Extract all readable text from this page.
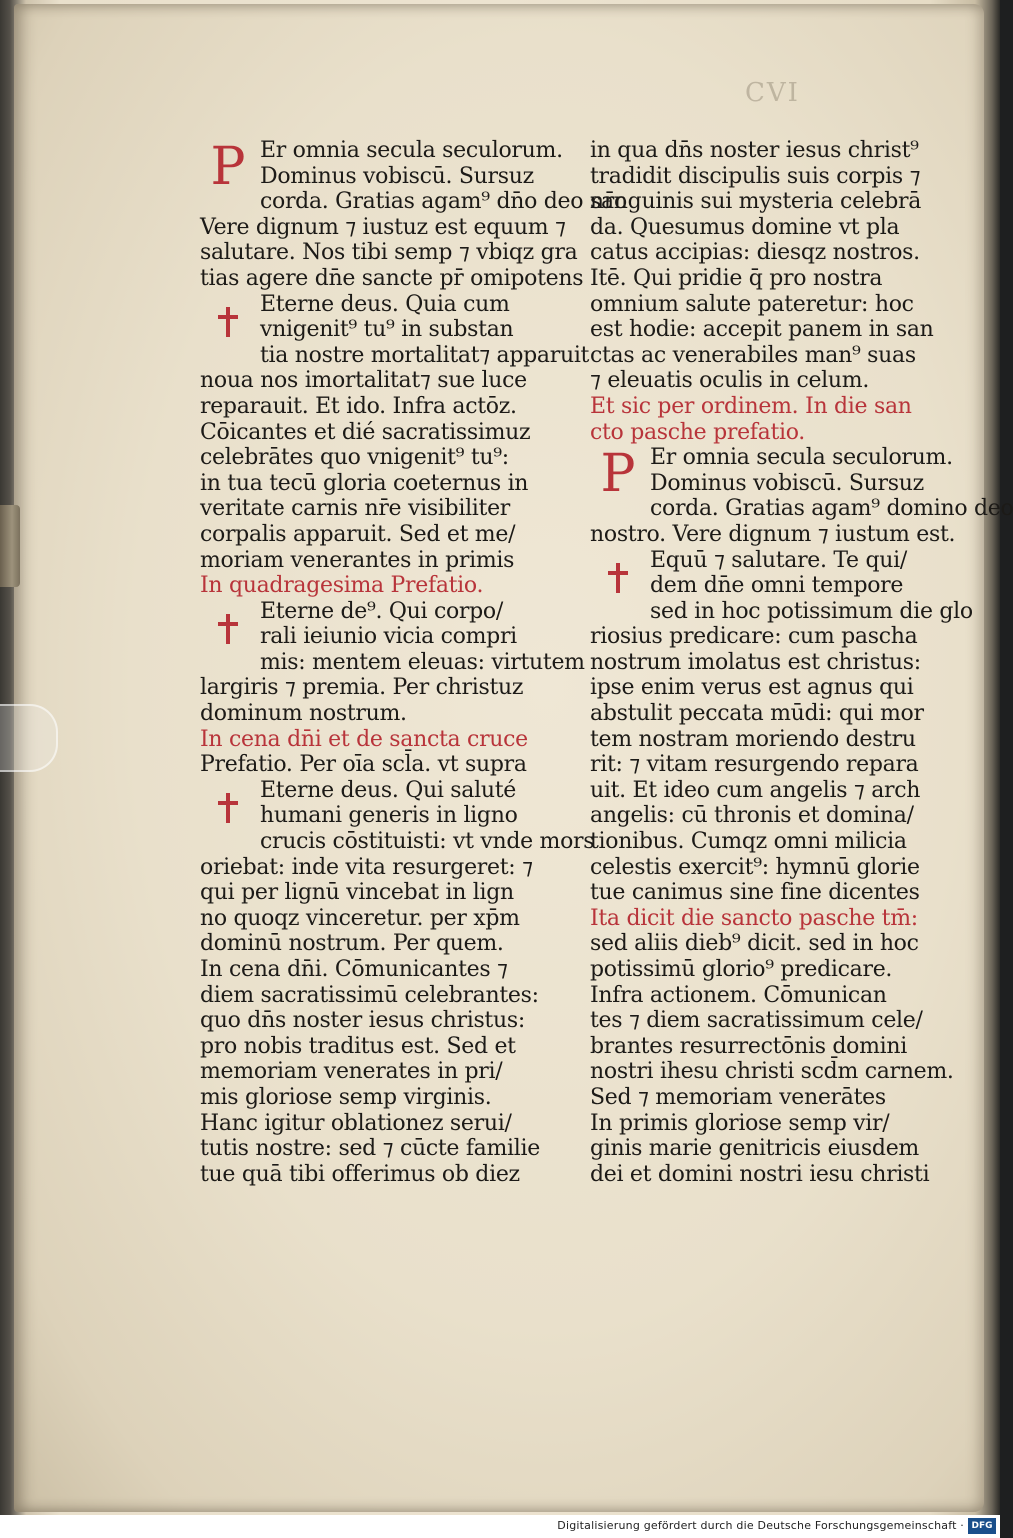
CVI
P Er omnia secula seculorum.
Dominus vobiscū. Sursuz
corda. Gratias agam⁹ dn̄o deo nr̄o
Vere dignum ⁊ iustuz est equum ⁊
salutare. Nos tibi semp ⁊ vbiqz gra
tias agere dn̄e sancte pr̄ omipotens
Eterne deus. Quia cum
vnigenit⁹ tu⁹ in substan
tia nostre mortalitat⁊ apparuit
noua nos imortalitat⁊ sue luce
reparauit. Et ido. Infra actōz.
Cōicantes et dié sacratissimuz
celebrātes quo vnigenit⁹ tu⁹:
in tua tecū gloria coeternus in
veritate carnis nr̄e visibiliter
corpalis apparuit. Sed et me/
moriam venerantes in primis
In quadragesima Prefatio.
Eterne de⁹. Qui corpo/
rali ieiunio vicia compri
mis: mentem eleuas: virtutem
largiris ⁊ premia. Per christuz
dominum nostrum.
In cena dn̄i et de sancta cruce
Prefatio. Per oīa scl̄a. vt supra
Eterne deus. Qui saluté
humani generis in ligno
crucis cōstituisti: vt vnde mors
oriebat: inde vita resurgeret: ⁊
qui per lignū vincebat in lign
no quoqz vinceretur. per xp̄m
dominū nostrum. Per quem.
In cena dn̄i. Cōmunicantes ⁊
diem sacratissimū celebrantes:
quo dn̄s noster iesus christus:
pro nobis traditus est. Sed et
memoriam venerates in pri/
mis gloriose semp virginis.
Hanc igitur oblationez serui/
tutis nostre: sed ⁊ cūcte familie
tue quā tibi offerimus ob diez
in qua dn̄s noster iesus christ⁹
tradidit discipulis suis corpis ⁊
sanguinis sui mysteria celebrā
da. Quesumus domine vt pla
catus accipias: diesqz nostros.
Itē. Qui pridie q̄ pro nostra
omnium salute pateretur: hoc
est hodie: accepit panem in san
ctas ac venerabiles man⁹ suas
⁊ eleuatis oculis in celum.
Et sic per ordinem. In die san
cto pasche prefatio.
P Er omnia secula seculorum.
Dominus vobiscū. Sursuz
corda. Gratias agam⁹ domino deo
nostro. Vere dignum ⁊ iustum est.
Equū ⁊ salutare. Te qui/
dem dn̄e omni tempore
sed in hoc potissimum die glo
riosius predicare: cum pascha
nostrum imolatus est christus:
ipse enim verus est agnus qui
abstulit peccata mūdi: qui mor
tem nostram moriendo destru
rit: ⁊ vitam resurgendo repara
uit. Et ideo cum angelis ⁊ arch
angelis: cū thronis et domina/
tionibus. Cumqz omni milicia
celestis exercit⁹: hymnū glorie
tue canimus sine fine dicentes
Ita dicit die sancto pasche tm̄:
sed aliis dieb⁹ dicit. sed in hoc
potissimū glorio⁹ predicare.
Infra actionem. Cōmunican
tes ⁊ diem sacratissimum cele/
brantes resurrectōnis domini
nostri ihesu christi scd̄m carnem.
Sed ⁊ memoriam venerātes
In primis gloriose semp vir/
ginis marie genitricis eiusdem
dei et domini nostri iesu christi
Digitalisierung gefördert durch die Deutsche Forschungsgemeinschaft · DFG
